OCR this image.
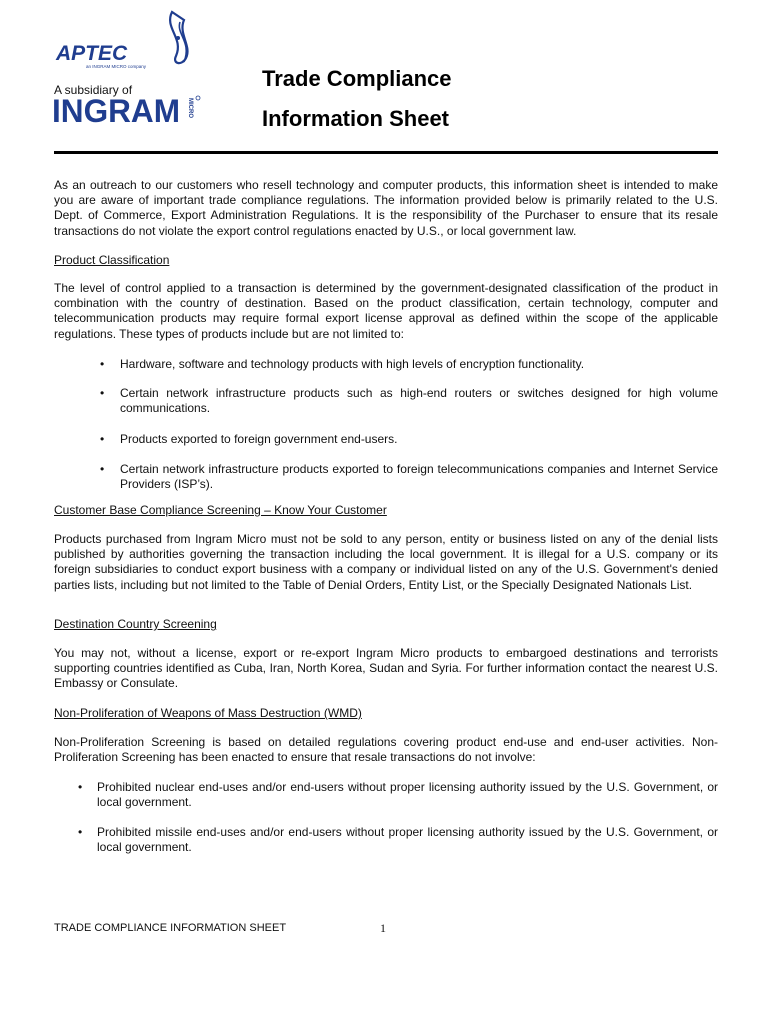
APTEC
an INGRAM MICRO company
A subsidiary of
INGRAM MICRO
Trade Compliance
Information Sheet
As an outreach to our customers who resell technology and computer products, this information sheet is intended to make you are aware of important trade compliance regulations. The information provided below is primarily related to the U.S. Dept. of Commerce, Export Administration Regulations. It is the responsibility of the Purchaser to ensure that its resale transactions do not violate the export control regulations enacted by U.S., or local government law.
Product Classification
The level of control applied to a transaction is determined by the government-designated classification of the product in combination with the country of destination. Based on the product classification, certain technology, computer and telecommunication products may require formal export license approval as defined within the scope of the applicable regulations. These types of products include but are not limited to:
• Hardware, software and technology products with high levels of encryption functionality.
• Certain network infrastructure products such as high-end routers or switches designed for high volume communications.
• Products exported to foreign government end-users.
• Certain network infrastructure products exported to foreign telecommunications companies and Internet Service Providers (ISP’s).
Customer Base Compliance Screening – Know Your Customer
Products purchased from Ingram Micro must not be sold to any person, entity or business listed on any of the denial lists published by authorities governing the transaction including the local government. It is illegal for a U.S. company or its foreign subsidiaries to conduct export business with a company or individual listed on any of the U.S. Government's denied parties lists, including but not limited to the Table of Denial Orders, Entity List, or the Specially Designated Nationals List.
Destination Country Screening
You may not, without a license, export or re-export Ingram Micro products to embargoed destinations and terrorists supporting countries identified as Cuba, Iran, North Korea, Sudan and Syria. For further information contact the nearest U.S. Embassy or Consulate.
Non-Proliferation of Weapons of Mass Destruction (WMD)
Non-Proliferation Screening is based on detailed regulations covering product end-use and end-user activities. Non-Proliferation Screening has been enacted to ensure that resale transactions do not involve:
• Prohibited nuclear end-uses and/or end-users without proper licensing authority issued by the U.S. Government, or local government.
• Prohibited missile end-uses and/or end-users without proper licensing authority issued by the U.S. Government, or local government.
TRADE COMPLIANCE INFORMATION SHEET	1
